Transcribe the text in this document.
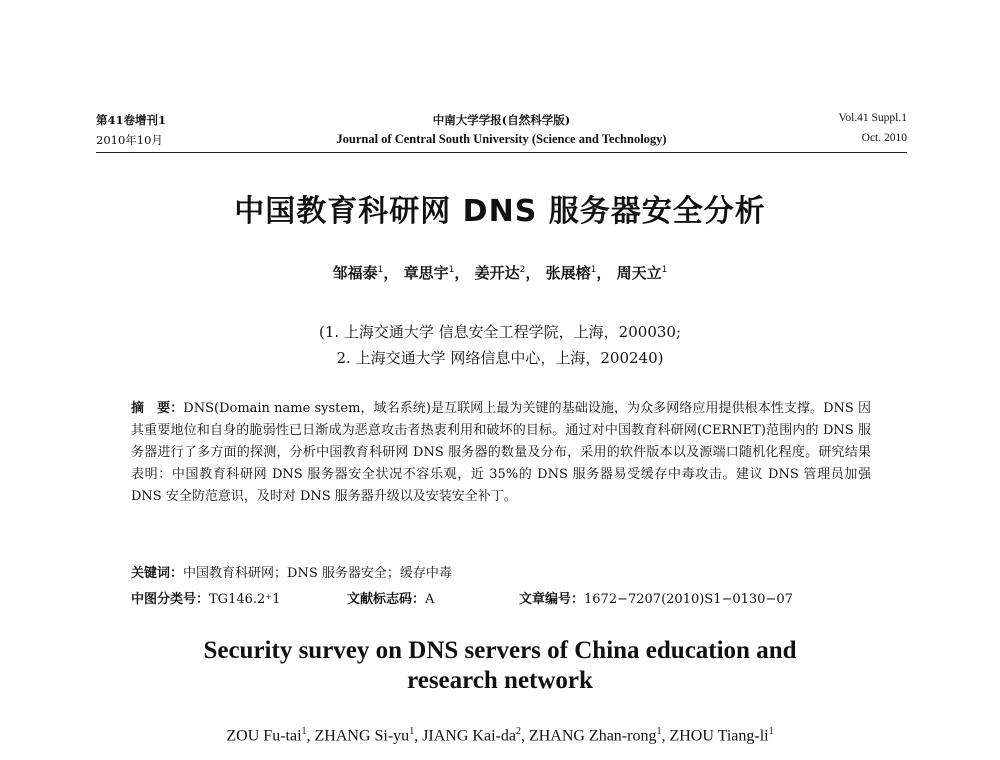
第41卷增刊1
2010年10月
中南大学学报(自然科学版)
Journal of Central South University (Science and Technology)
Vol.41 Suppl.1
Oct. 2010
中国教育科研网 DNS 服务器安全分析
邹福泰$^1$， 章思宇$^1$， 姜开达$^2$， 张展榕$^1$， 周天立$^1$
(1. 上海交通大学 信息安全工程学院，上海，200030;
2. 上海交通大学 网络信息中心，上海，200240)
摘　要：DNS(Domain name system，域名系统)是互联网上最为关键的基础设施，为众多网络应用提供根本性支撑。DNS 因其重要地位和自身的脆弱性已日渐成为恶意攻击者热衷利用和破坏的目标。通过对中国教育科研网(CERNET)范围内的 DNS 服务器进行了多方面的探测，分析中国教育科研网 DNS 服务器的数量及分布，采用的软件版本以及源端口随机化程度。研究结果表明：中国教育科研网 DNS 服务器安全状况不容乐观，近 35%的 DNS 服务器易受缓存中毒攻击。建议 DNS 管理员加强 DNS 安全防范意识，及时对 DNS 服务器升级以及安装安全补丁。
关键词：中国教育科研网；DNS 服务器安全；缓存中毒
中图分类号：TG146.2⁺1	文献标志码：A	文章编号：1672−7207(2010)S1−0130−07
Security survey on DNS servers of China education and research network
ZOU Fu-tai$^1$, ZHANG $Si-yu^1$, JIANG Kai-$da^2$, ZHANG Zhan-rong$^1$, ZHOU Tiang-$li^1$
